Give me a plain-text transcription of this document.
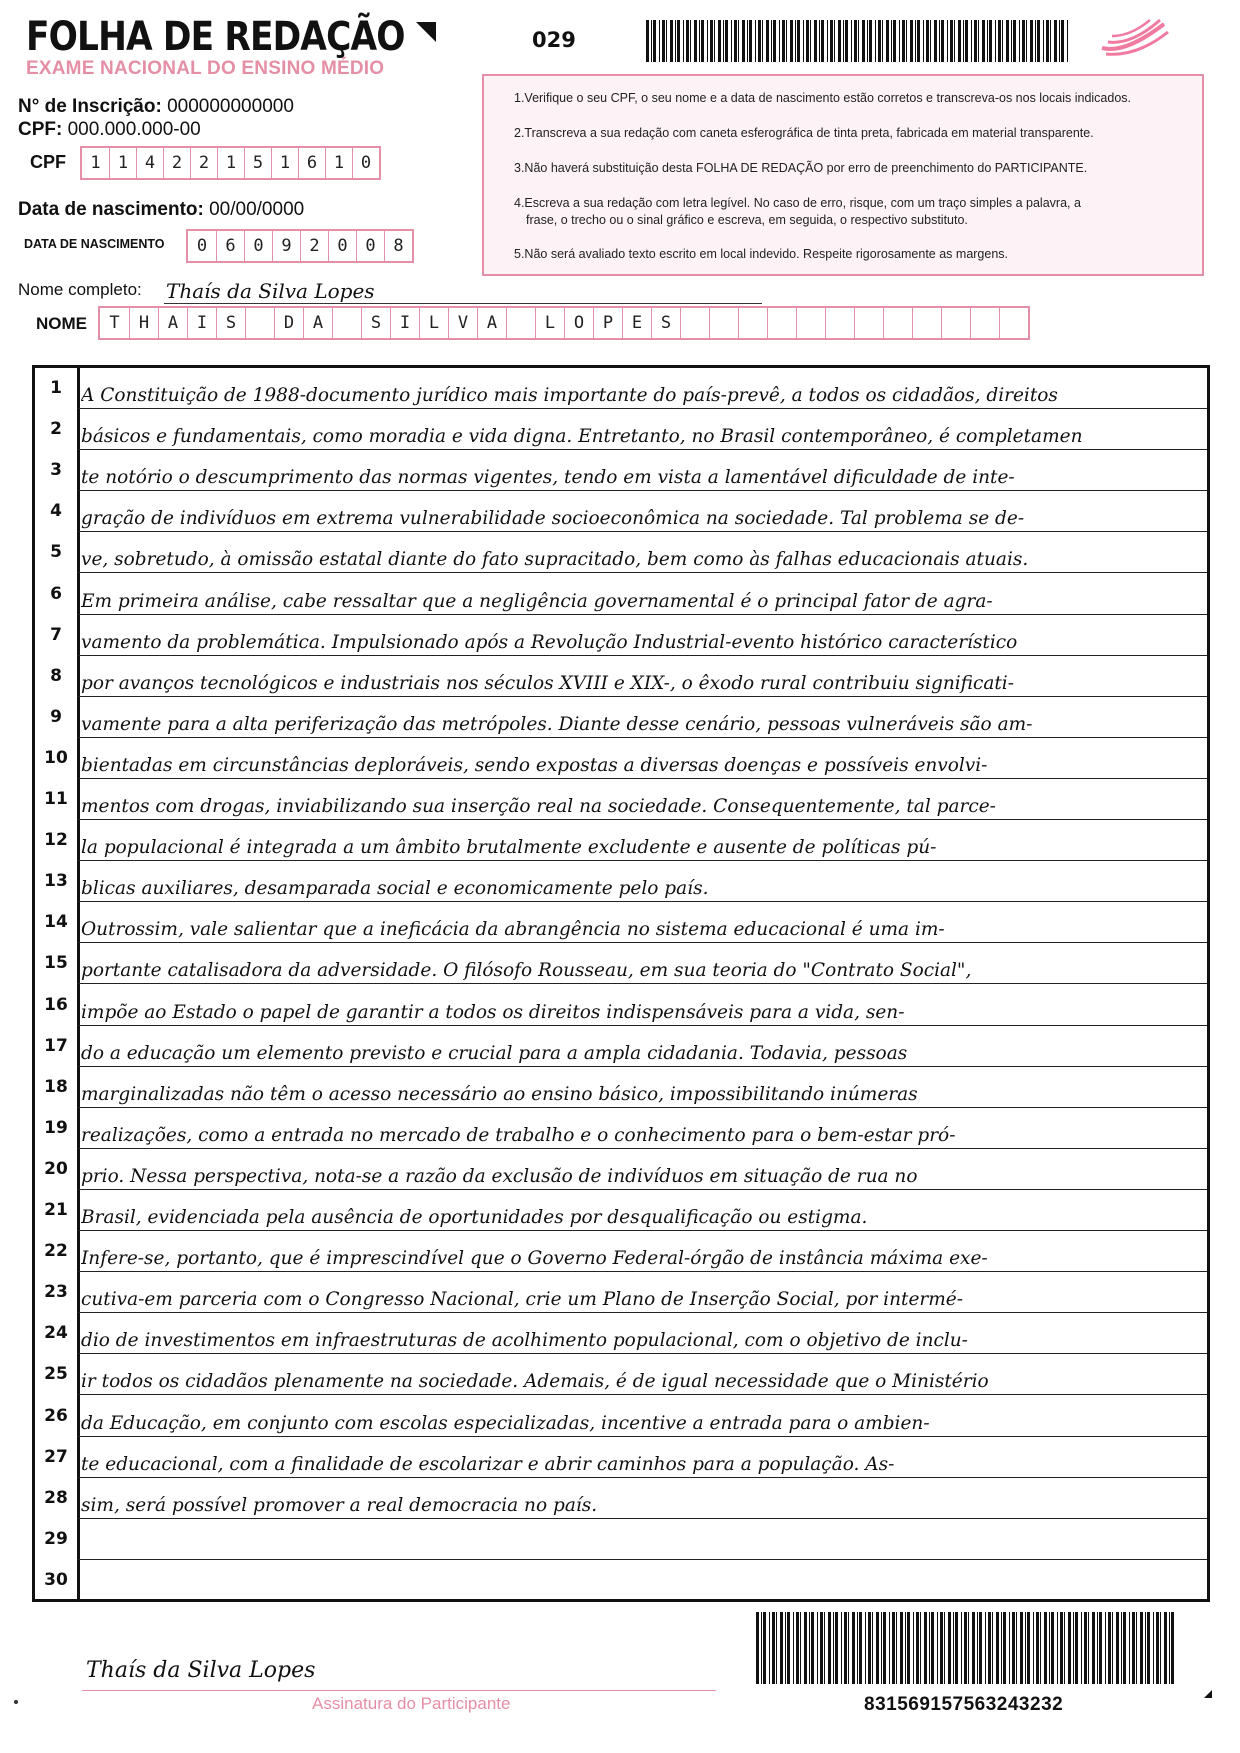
FOLHA DE REDAÇÃO
EXAME NACIONAL DO ENSINO MÉDIO
029
N° de Inscrição: 000000000000
CPF: 000.000.000-00
CPF	1	1 4 2 2 1 5 1 6 1 0
Data de nascimento: 00/00/0000
DATA DE NASCIMENTO	0	6	0	9	2	0	0	8
1.Verifique o seu CPF, o seu nome e a data de nascimento estão corretos e transcreva-os nos locais indicados.
2.Transcreva a sua redação com caneta esferográfica de tinta preta, fabricada em material transparente.
3.Não haverá substituição desta FOLHA DE REDAÇÃO por erro de preenchimento do PARTICIPANTE.
4.Escreva a sua redação com letra legível. No caso de erro, risque, com um traço simples a palavra, a
frase, o trecho ou o sinal gráfico e escreva, em seguida, o respectivo substituto.
5.Não será avaliado texto escrito em local indevido. Respeite rigorosamente as margens.
Nome completo: Thaís da Silva Lopes
NOME	T	H	A	I	S	D	A	S	I	L	V	A	L	O	P	E	S
1	A Constituição de 1988-documento jurídico mais importante do país-prevê, a todos os cidadãos, direitos
2	básicos e fundamentais, como moradia e vida digna. Entretanto, no Brasil contemporâneo, é completamen
3	te notório o descumprimento das normas vigentes, tendo em vista a lamentável dificuldade de inte-
4	gração de indivíduos em extrema vulnerabilidade socioeconômica na sociedade. Tal problema se de-
5	ve, sobretudo, à omissão estatal diante do fato supracitado, bem como às falhas educacionais atuais.
6	Em primeira análise, cabe ressaltar que a negligência governamental é o principal fator de agra-
7	vamento da problemática. Impulsionado após a Revolução Industrial-evento histórico característico
8	por avanços tecnológicos e industriais nos séculos XVIII e XIX-, o êxodo rural contribuiu significati-
9	vamente para a alta periferização das metrópoles. Diante desse cenário, pessoas vulneráveis são am-
10 bientadas em circunstâncias deploráveis, sendo expostas a diversas doenças e possíveis envolvi-
11 mentos com drogas, inviabilizando sua inserção real na sociedade. Consequentemente, tal parce-
12 la populacional é integrada a um âmbito brutalmente excludente e ausente de políticas pú-
13 blicas auxiliares, desamparada social e economicamente pelo país.
14 Outrossim, vale salientar que a ineficácia da abrangência no sistema educacional é uma im-
15 portante catalisadora da adversidade. O filósofo Rousseau, em sua teoria do "Contrato Social",
16 impõe ao Estado o papel de garantir a todos os direitos indispensáveis para a vida, sen-
17 do a educação um elemento previsto e crucial para a ampla cidadania. Todavia, pessoas
18 marginalizadas não têm o acesso necessário ao ensino básico, impossibilitando inúmeras
19 realizações, como a entrada no mercado de trabalho e o conhecimento para o bem-estar pró-
20 prio. Nessa perspectiva, nota-se a razão da exclusão de indivíduos em situação de rua no
21 Brasil, evidenciada pela ausência de oportunidades por desqualificação ou estigma.
22 Infere-se, portanto, que é imprescindível que o Governo Federal-órgão de instância máxima exe-
23 cutiva-em parceria com o Congresso Nacional, crie um Plano de Inserção Social, por intermé-
24 dio de investimentos em infraestruturas de acolhimento populacional, com o objetivo de inclu-
25 ir todos os cidadãos plenamente na sociedade. Ademais, é de igual necessidade que o Ministério
26 da Educação, em conjunto com escolas especializadas, incentive a entrada para o ambien-
27 te educacional, com a finalidade de escolarizar e abrir caminhos para a população. As-
28 sim, será possível promover a real democracia no país.
29
30
Thaís da Silva Lopes
Assinatura do Participante	831569157563243232
